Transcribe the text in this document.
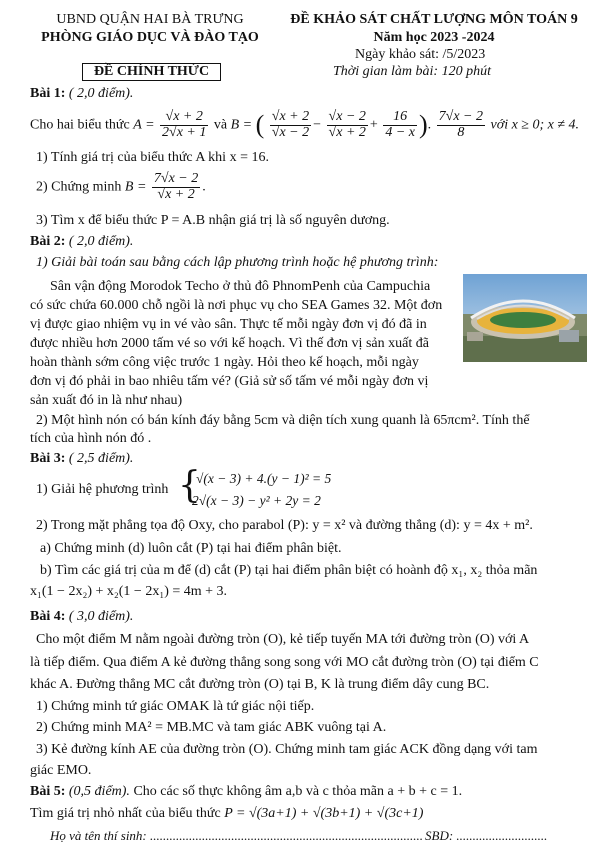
UBND QUẬN HAI BÀ TRƯNG
PHÒNG GIÁO DỤC VÀ ĐÀO TẠO
ĐỀ KHẢO SÁT CHẤT LƯỢNG MÔN TOÁN 9
Năm học 2023 -2024
Ngày khảo sát: /5/2023
Thời gian làm bài: 120 phút
ĐỀ CHÍNH THỨC
Bài 1: ( 2,0 điểm).
Cho hai biểu thức $A = \frac{√x + 2}{2√x + 1}$ và B = ( $\frac{√x + 2}{√x - 2} - \frac{√x - 2}{√x + 2} + \frac{16}{4 - x}$ ). $\frac{7√x - 2}{8}$ với x ≥ 0; x ≠ 4.
1) Tính giá trị của biểu thức A khi x = 16.
2) Chứng minh $B = \frac{7√x - 2}{√x + 2}$ .
3) Tìm x để biểu thức P = A.B nhận giá trị là số nguyên dương.
Bài 2: ( 2,0 điểm).
1) Giải bài toán sau bằng cách lập phương trình hoặc hệ phương trình:
Sân vận động Morodok Techo ở thủ đô PhnomPenh của Campuchia
có sức chứa 60.000 chỗ ngồi là nơi phục vụ cho SEA Games 32. Một đơn
vị được giao nhiệm vụ in vé vào sân. Thực tế mỗi ngày đơn vị đó đã in
được nhiều hơn 2000 tấm vé so với kế hoạch. Vì thế đơn vị sản xuất đã
hoàn thành sớm công việc trước 1 ngày. Hỏi theo kế hoạch, mỗi ngày
đơn vị đó phải in bao nhiêu tấm vé? (Giả sử số tấm vé mỗi ngày đơn vị
sản xuất đó in là như nhau)
2) Một hình nón có bán kính đáy bằng 5cm và diện tích xung quanh là 65πcm². Tính thể
tích của hình nón đó .
Bài 3: ( 2,5 điểm).
1) Giải hệ phương trình {
√(x − 3) + 4.(y − 1)² = 5
2√(x − 3) − y² + 2y = 2
2) Trong mặt phẳng tọa độ Oxy, cho parabol (P): y = x² và đường thẳng (d): y = 4x + m².
a) Chứng minh (d) luôn cắt (P) tại hai điểm phân biệt.
b) Tìm các giá trị của m để (d) cắt (P) tại hai điểm phân biệt có hoành độ x₁, x₂ thỏa mãn
x₁(1 − 2x₂) + x₂(1 − 2x₁) = 4m + 3.
Bài 4: ( 3,0 điểm).
Cho một điểm M nằm ngoài đường tròn (O), kẻ tiếp tuyến MA tới đường tròn (O) với A
là tiếp điểm. Qua điểm A kẻ đường thẳng song song với MO cắt đường tròn (O) tại điểm C
khác A. Đường thẳng MC cắt đường tròn (O) tại B, K là trung điểm dây cung BC.
1) Chứng minh tứ giác OMAK là tứ giác nội tiếp.
2) Chứng minh MA² = MB.MC và tam giác ABK vuông tại A.
3) Kẻ đường kính AE của đường tròn (O). Chứng minh tam giác ACK đồng dạng với tam
giác EMO.
Bài 5: (0,5 điểm). Cho các số thực không âm a,b và c thỏa mãn a + b + c = 1.
Tìm giá trị nhỏ nhất của biểu thức P = √(3a+1) + √(3b+1) + √(3c+1)
Họ và tên thí sinh: .................................................................................... SBD: ............................
